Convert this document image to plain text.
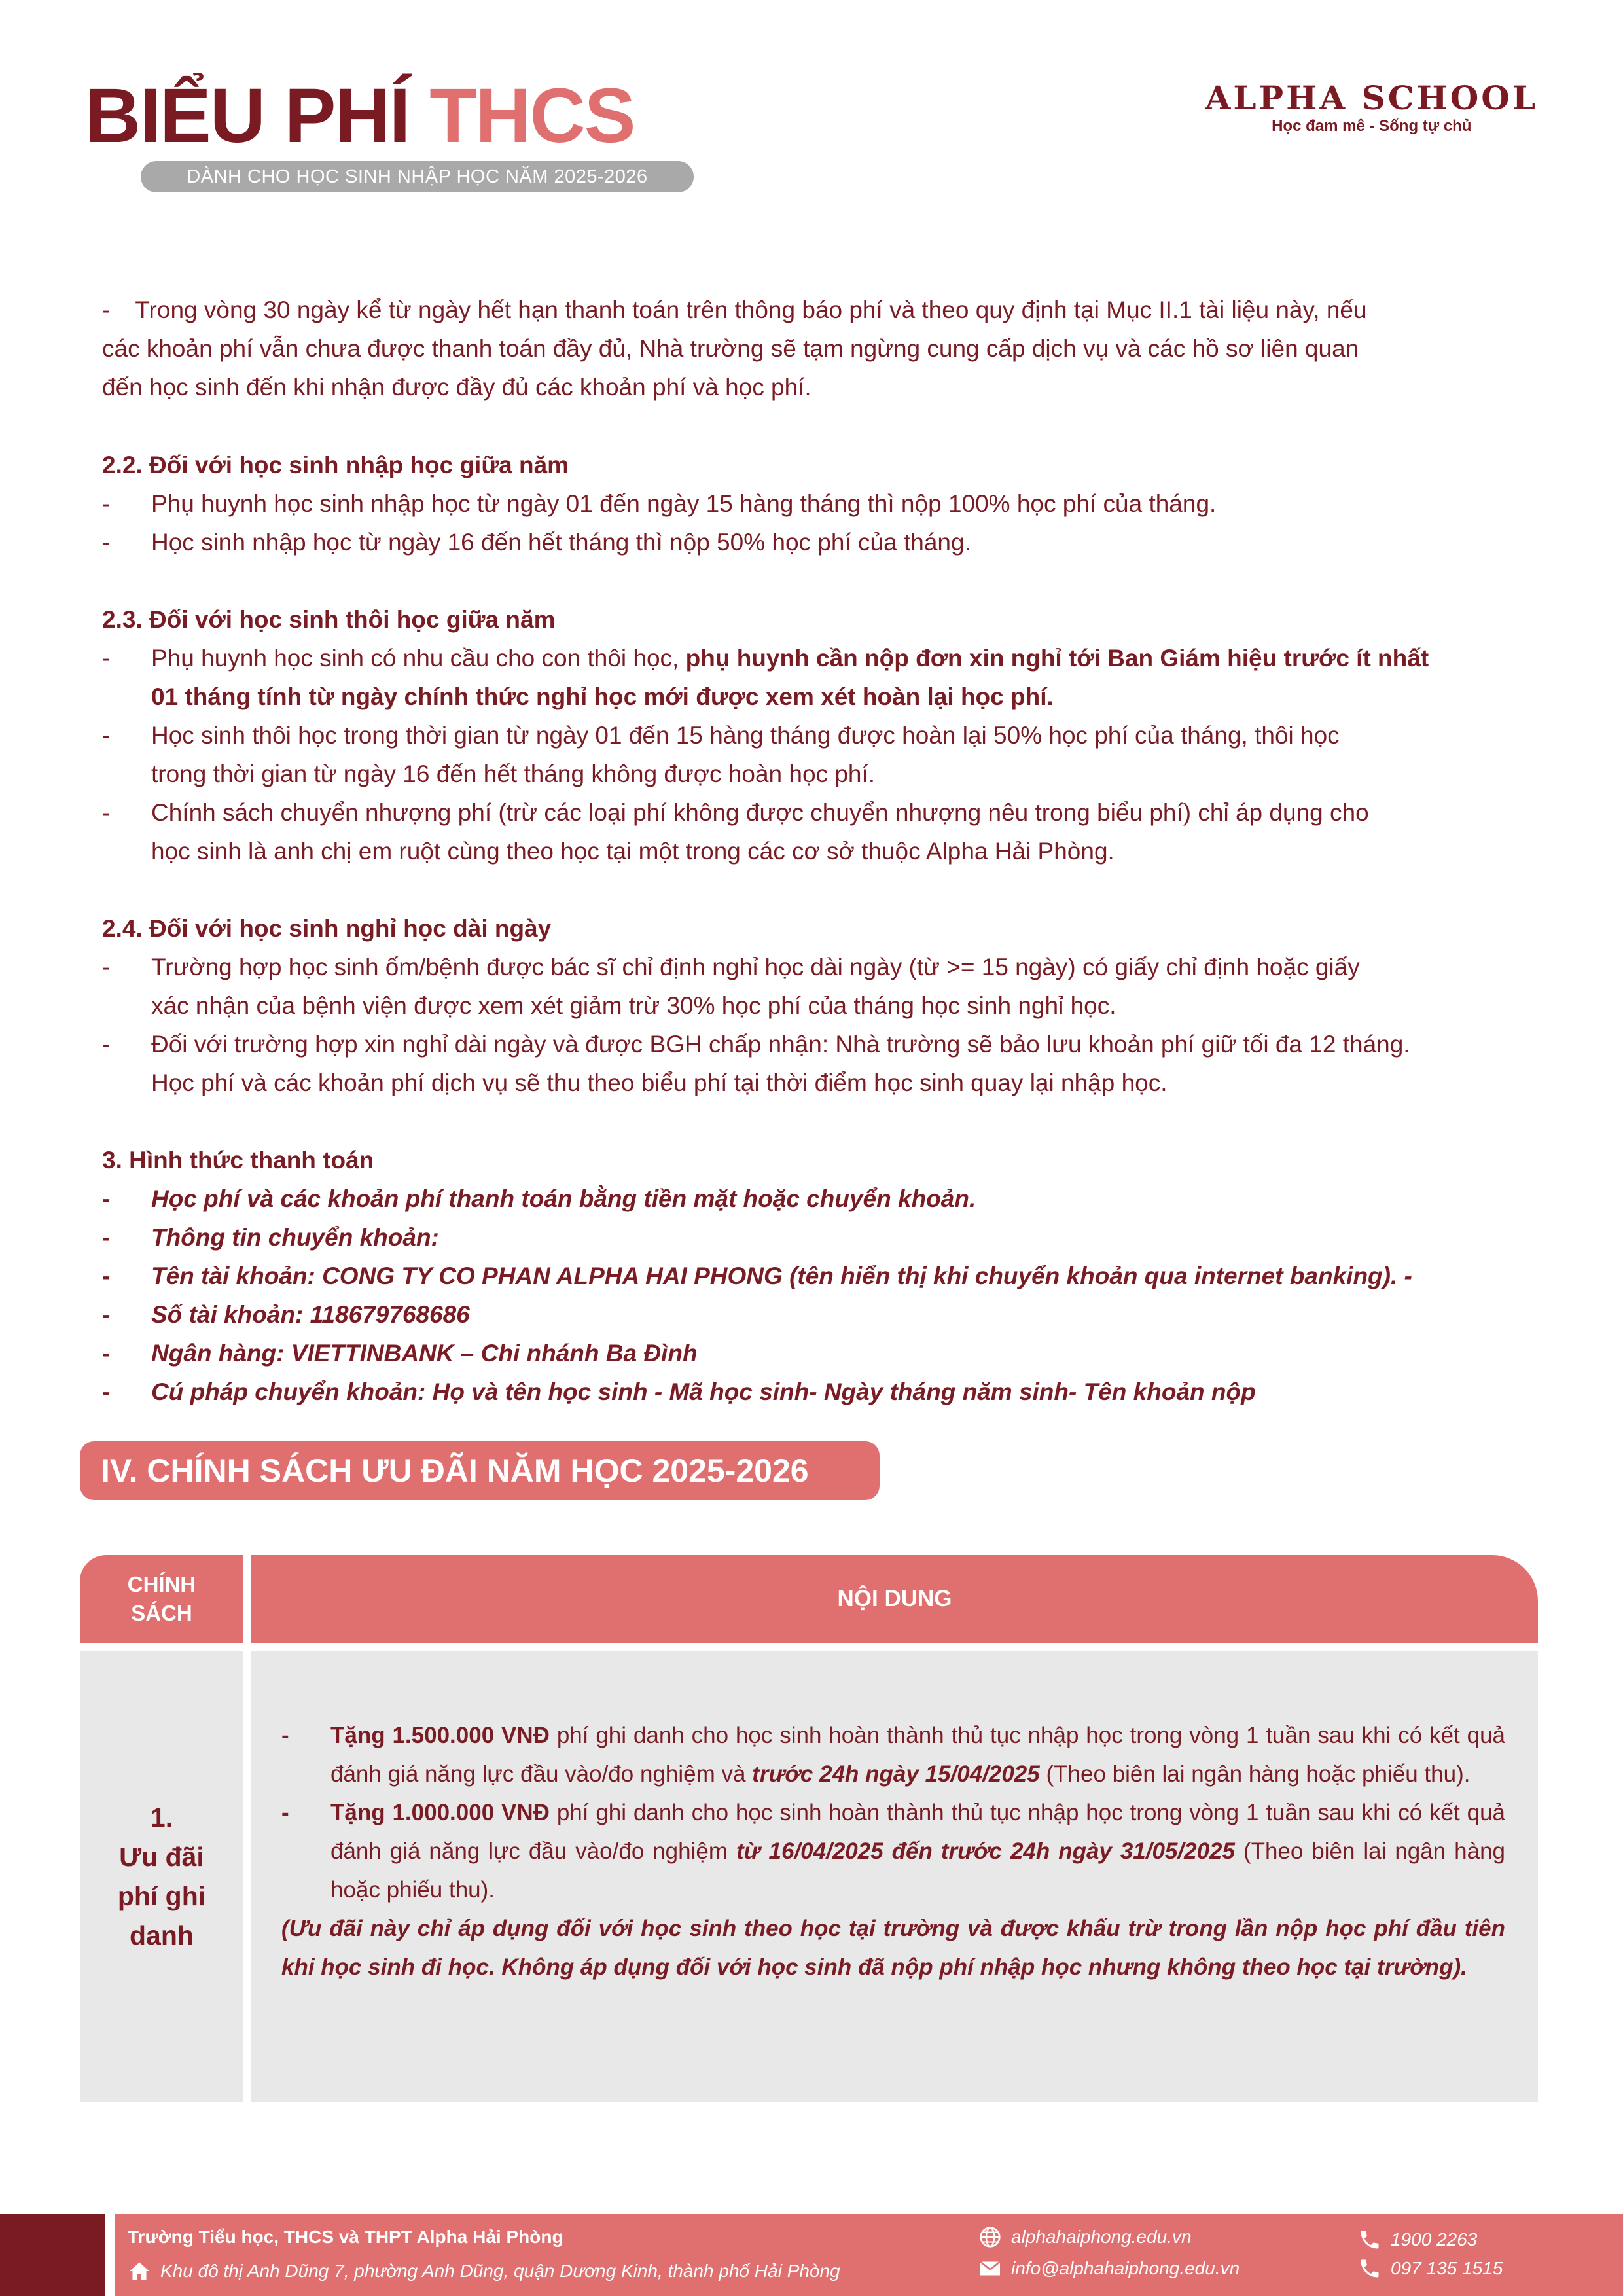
BIỂU PHÍ THCS
DÀNH CHO HỌC SINH NHẬP HỌC NĂM 2025-2026
ALPHA SCHOOL
Học đam mê - Sống tự chủ
- Trong vòng 30 ngày kể từ ngày hết hạn thanh toán trên thông báo phí và theo quy định tại Mục II.1 tài liệu này, nếu
các khoản phí vẫn chưa được thanh toán đầy đủ, Nhà trường sẽ tạm ngừng cung cấp dịch vụ và các hồ sơ liên quan
đến học sinh đến khi nhận được đầy đủ các khoản phí và học phí.
2.2. Đối với học sinh nhập học giữa năm
- Phụ huynh học sinh nhập học từ ngày 01 đến ngày 15 hàng tháng thì nộp 100% học phí của tháng.
- Học sinh nhập học từ ngày 16 đến hết tháng thì nộp 50% học phí của tháng.
2.3. Đối với học sinh thôi học giữa năm
- Phụ huynh học sinh có nhu cầu cho con thôi học, phụ huynh cần nộp đơn xin nghỉ tới Ban Giám hiệu trước ít nhất
01 tháng tính từ ngày chính thức nghỉ học mới được xem xét hoàn lại học phí.
- Học sinh thôi học trong thời gian từ ngày 01 đến 15 hàng tháng được hoàn lại 50% học phí của tháng, thôi học
trong thời gian từ ngày 16 đến hết tháng không được hoàn học phí.
- Chính sách chuyển nhượng phí (trừ các loại phí không được chuyển nhượng nêu trong biểu phí) chỉ áp dụng cho
học sinh là anh chị em ruột cùng theo học tại một trong các cơ sở thuộc Alpha Hải Phòng.
2.4. Đối với học sinh nghỉ học dài ngày
- Trường hợp học sinh ốm/bệnh được bác sĩ chỉ định nghỉ học dài ngày (từ >= 15 ngày) có giấy chỉ định hoặc giấy
xác nhận của bệnh viện được xem xét giảm trừ 30% học phí của tháng học sinh nghỉ học.
- Đối với trường hợp xin nghỉ dài ngày và được BGH chấp nhận: Nhà trường sẽ bảo lưu khoản phí giữ tối đa 12 tháng.
Học phí và các khoản phí dịch vụ sẽ thu theo biểu phí tại thời điểm học sinh quay lại nhập học.
3. Hình thức thanh toán
- Học phí và các khoản phí thanh toán bằng tiền mặt hoặc chuyển khoản.
- Thông tin chuyển khoản:
- Tên tài khoản: CONG TY CO PHAN ALPHA HAI PHONG (tên hiển thị khi chuyển khoản qua internet banking). -
- Số tài khoản: 118679768686
- Ngân hàng: VIETTINBANK – Chi nhánh Ba Đình
- Cú pháp chuyển khoản: Họ và tên học sinh - Mã học sinh- Ngày tháng năm sinh- Tên khoản nộp
IV. CHÍNH SÁCH ƯU ĐÃI NĂM HỌC 2025-2026
CHÍNH
SÁCH
NỘI DUNG
1.
Ưu đãi
phí ghi
danh
- Tặng 1.500.000 VNĐ phí ghi danh cho học sinh hoàn thành thủ tục nhập học trong vòng 1 tuần sau khi có kết quả đánh giá năng lực đầu vào/đo nghiệm và trước 24h ngày 15/04/2025 (Theo biên lai ngân hàng hoặc phiếu thu).
- Tặng 1.000.000 VNĐ phí ghi danh cho học sinh hoàn thành thủ tục nhập học trong vòng 1 tuần sau khi có kết quả đánh giá năng lực đầu vào/đo nghiệm từ 16/04/2025 đến trước 24h ngày 31/05/2025 (Theo biên lai ngân hàng hoặc phiếu thu).
(Ưu đãi này chỉ áp dụng đối với học sinh theo học tại trường và được khấu trừ trong lần nộp học phí đầu tiên khi học sinh đi học. Không áp dụng đối với học sinh đã nộp phí nhập học nhưng không theo học tại trường).
Trường Tiểu học, THCS và THPT Alpha Hải Phòng
Khu đô thị Anh Dũng 7, phường Anh Dũng, quận Dương Kinh, thành phố Hải Phòng
alphahaiphong.edu.vn
info@alphahaiphong.edu.vn
1900 2263
097 135 1515
